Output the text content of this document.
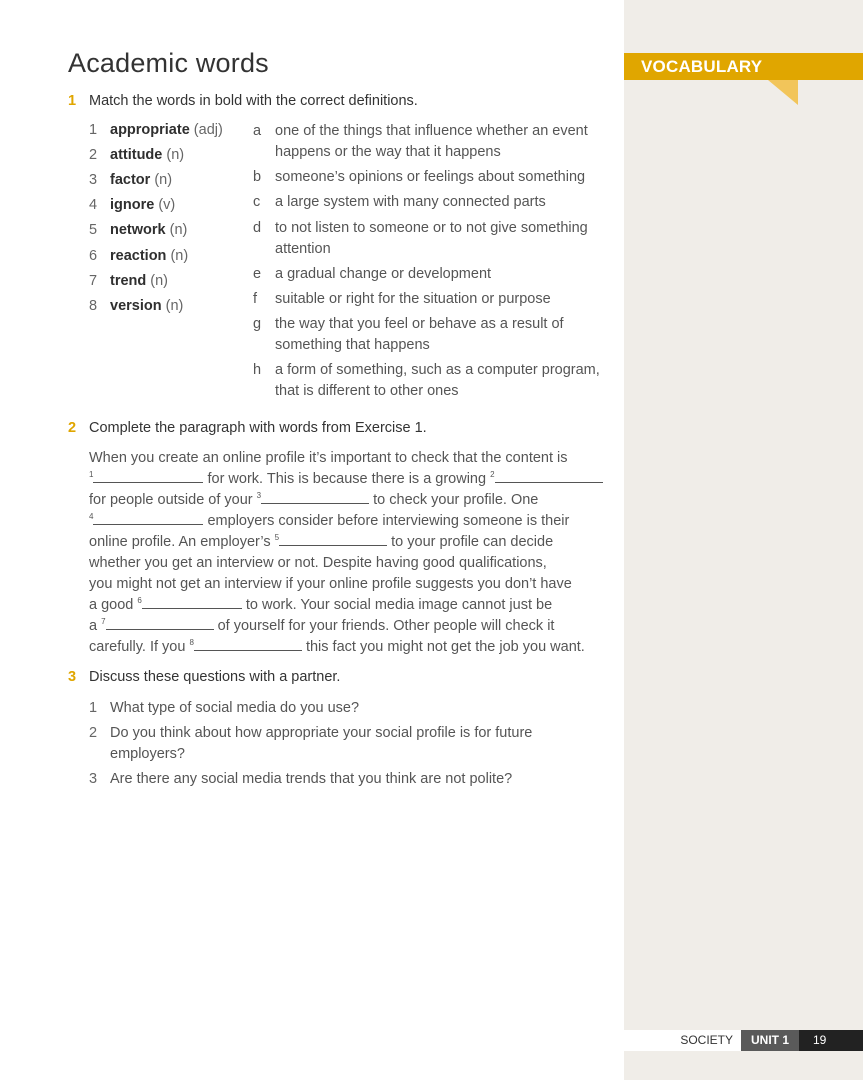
VOCABULARY
Academic words
1 Match the words in bold with the correct definitions.
1 appropriate (adj)
2 attitude (n)
3 factor (n)
4 ignore (v)
5 network (n)
6 reaction (n)
7 trend (n)
8 version (n)
a one of the things that influence whether an event happens or the way that it happens
b someone’s opinions or feelings about something
c	a large system with many connected parts
d to not listen to someone or to not give something attention
e a gradual change or development
f	suitable or right for the situation or purpose
g the way that you feel or behave as a result of something that happens
h a form of something, such as a computer program, that is different to other ones
2 Complete the paragraph with words from Exercise 1.
When you create an online profile it’s important to check that the content is
$^1$	for work. This is because there is a growing $^2$
for people outside of your $^3$	to check your profile. One
$^4$	employers consider before interviewing someone is their
online profile. An employer’s $^5$	to your profile can decide
whether you get an interview or not. Despite having good qualifications,
you might not get an interview if your online profile suggests you don’t have
a good $^6$	to work. Your social media image cannot just be
a $^7$	of yourself for your friends. Other people will check it
carefully. If you $^8$	this fact you might not get the job you want.
3 Discuss these questions with a partner.
1 What type of social media do you use?
2 Do you think about how appropriate your social profile is for future employers?
3 Are there any social media trends that you think are not polite?
SOCIETY	UNIT 1	19
